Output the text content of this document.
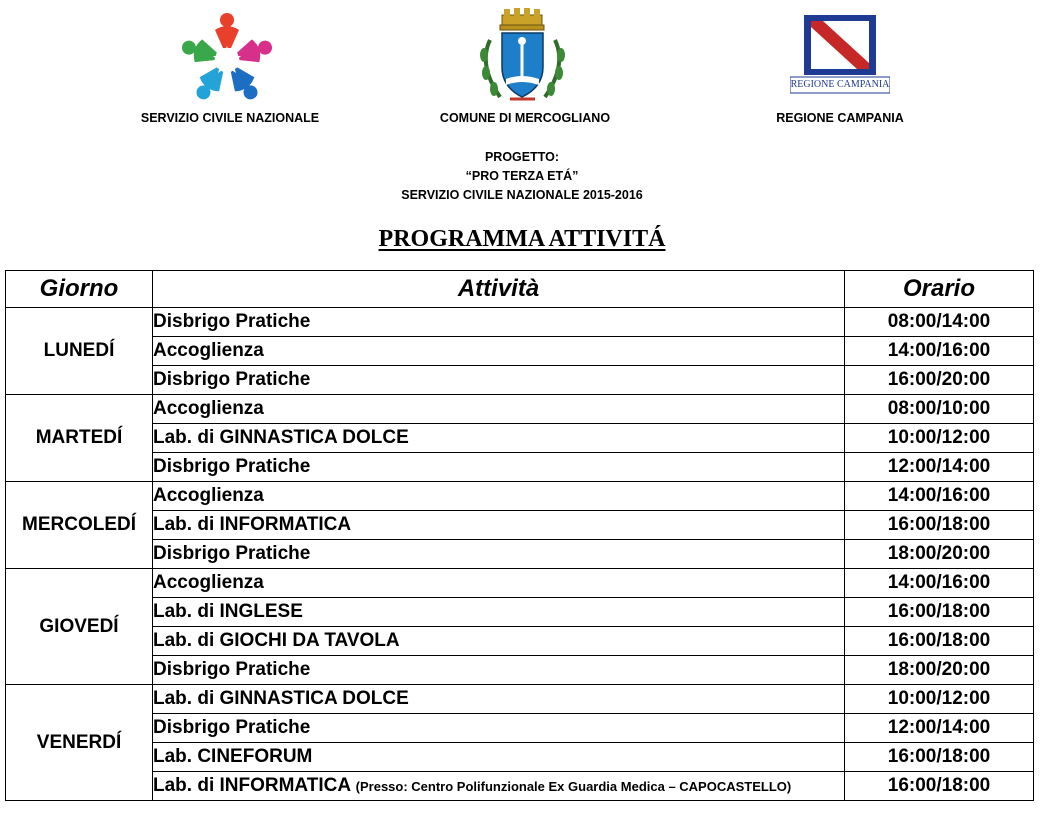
SERVIZIO CIVILE NAZIONALE	COMUNE DI MERCOGLIANO
REGIONE CAMPANIA
REGIONE CAMPANIA
PROGETTO:
“PRO TERZA ETÁ”
SERVIZIO CIVILE NAZIONALE 2015-2016
PROGRAMMA ATTIVITÁ
Giorno	Attività	Orario
LUNEDÍ	Disbrigo Pratiche	08:00/14:00
	Accoglienza	14:00/16:00
	Disbrigo Pratiche	16:00/20:00
MARTEDÍ	Accoglienza	08:00/10:00
	Lab. di GINNASTICA DOLCE	10:00/12:00
	Disbrigo Pratiche	12:00/14:00
MERCOLEDÍ	Accoglienza	14:00/16:00
	Lab. di INFORMATICA	16:00/18:00
	Disbrigo Pratiche	18:00/20:00
GIOVEDÍ	Accoglienza	14:00/16:00
	Lab. di INGLESE	16:00/18:00
	Lab. di GIOCHI DA TAVOLA	16:00/18:00
	Disbrigo Pratiche	18:00/20:00
VENERDÍ	Lab. di GINNASTICA DOLCE	10:00/12:00
	Disbrigo Pratiche	12:00/14:00
	Lab. CINEFORUM	16:00/18:00
	Lab. di INFORMATICA (Presso: Centro Polifunzionale Ex Guardia Medica – CAPOCASTELLO)	16:00/18:00
